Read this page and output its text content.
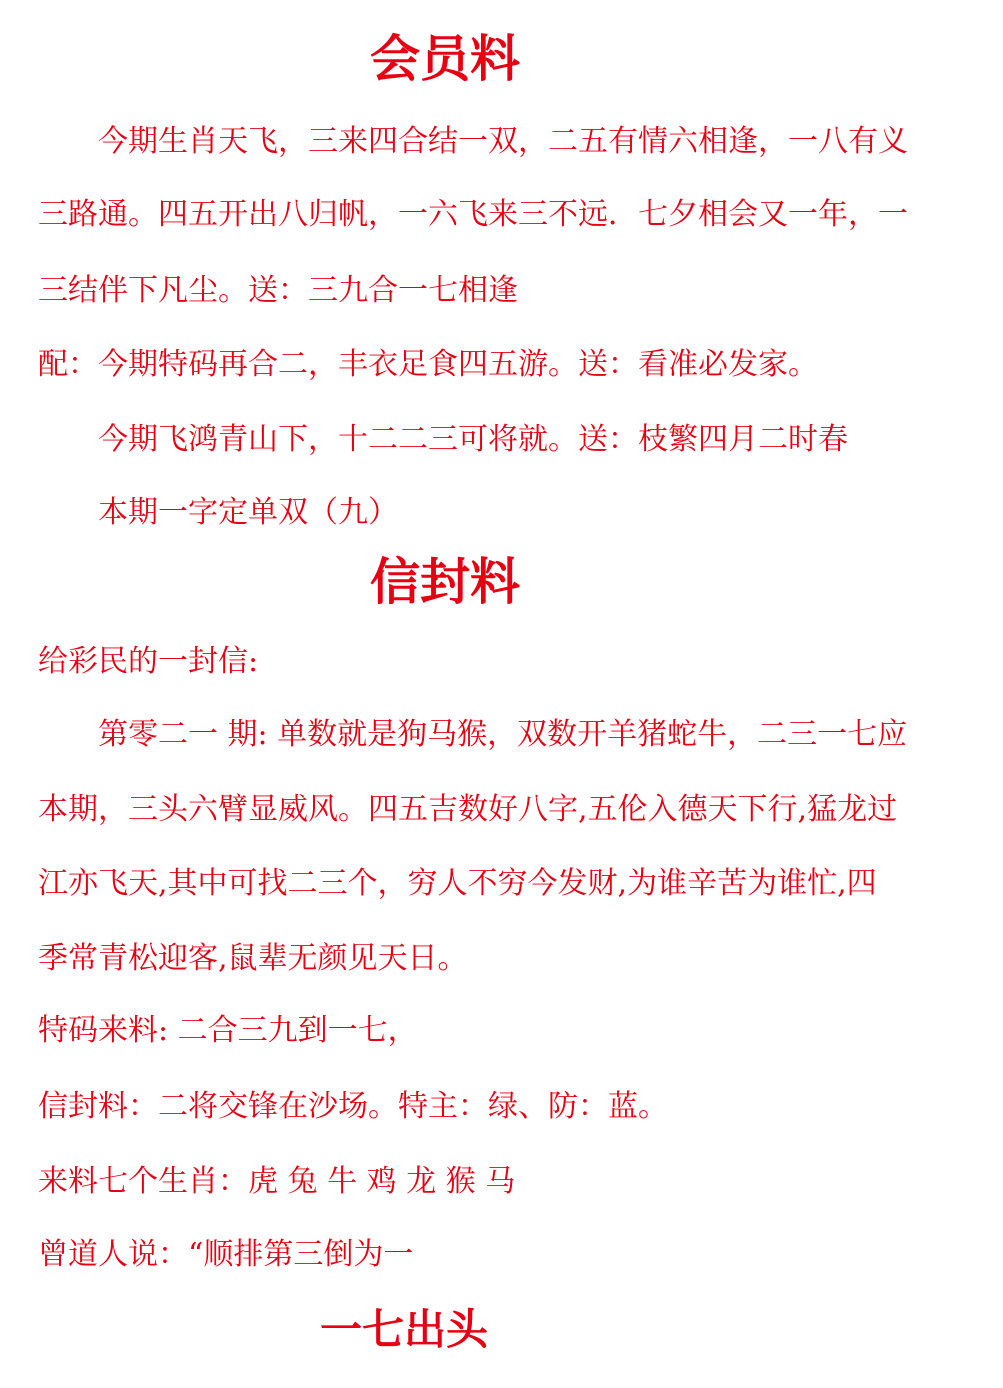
会员料
今期生肖天飞，三来四合结一双，二五有情六相逢，一八有义
三路通。四五开出八归帆，一六飞来三不远．七夕相会又一年，一
三结伴下凡尘。送：三九合一七相逢
配：今期特码再合二，丰衣足食四五游。送：看准必发家。
今期飞鸿青山下，十二二三可将就。送：枝繁四月二时春
本期一字定单双（九）
信封料
给彩民的一封信:
第零二一 期: 单数就是狗马猴，双数开羊猪蛇牛，二三一七应
本期，三头六臂显威风。四五吉数好八字,五伦入德天下行,猛龙过
江亦飞天,其中可找二三个，穷人不穷今发财,为谁辛苦为谁忙,四
季常青松迎客,鼠辈无颜见天日。
特码来料: 二合三九到一七，
信封料：二将交锋在沙场。特主：绿、防：蓝。
来料七个生肖：虎 兔 牛 鸡 龙 猴 马
曾道人说：“顺排第三倒为一
一七出头
